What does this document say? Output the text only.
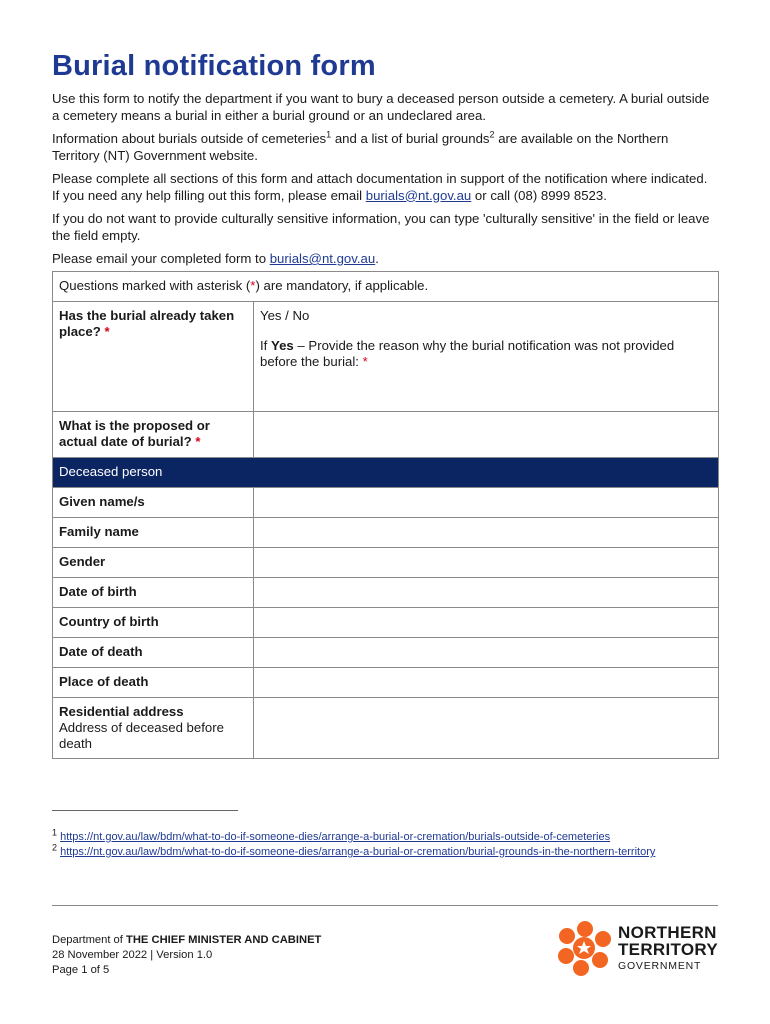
Burial notification form

Use this form to notify the department if you want to bury a deceased person outside a cemetery. A burial outside a cemetery means a burial in either a burial ground or an undeclared area.

Information about burials outside of cemeteries$^1$ and a list of burial grounds$^2$ are available on the Northern Territory (NT) Government website.

Please complete all sections of this form and attach documentation in support of the notification where indicated. If you need any help filling out this form, please email burials@nt.gov.au or call (08) 8999 8523.

If you do not want to provide culturally sensitive information, you can type 'culturally sensitive' in the field or leave the field empty.

Please email your completed form to burials@nt.gov.au.

Questions marked with asterisk (*) are mandatory, if applicable.	
Has the burial already taken place? *	Yes / No
If Yes – Provide the reason why the burial notification was not provided before the burial: *

What is the proposed or actual date of burial? *	
Deceased person	
Given name/s	
Family name	
Gender	
Date of birth	
Country of birth	
Date of death	
Place of death	

Residential address
Address of deceased before death	

$^1$ https://nt.gov.au/law/bdm/what-to-do-if-someone-dies/arrange-a-burial-or-cremation/burials-outside-of-cemeteries
$^2$ https://nt.gov.au/law/bdm/what-to-do-if-someone-dies/arrange-a-burial-or-cremation/burial-grounds-in-the-northern-territory
Department of THE CHIEF MINISTER AND CABINET
28 November 2022 | Version 1.0
Page 1 of 5
NORTHERN
TERRITORY
GOVERNMENT
